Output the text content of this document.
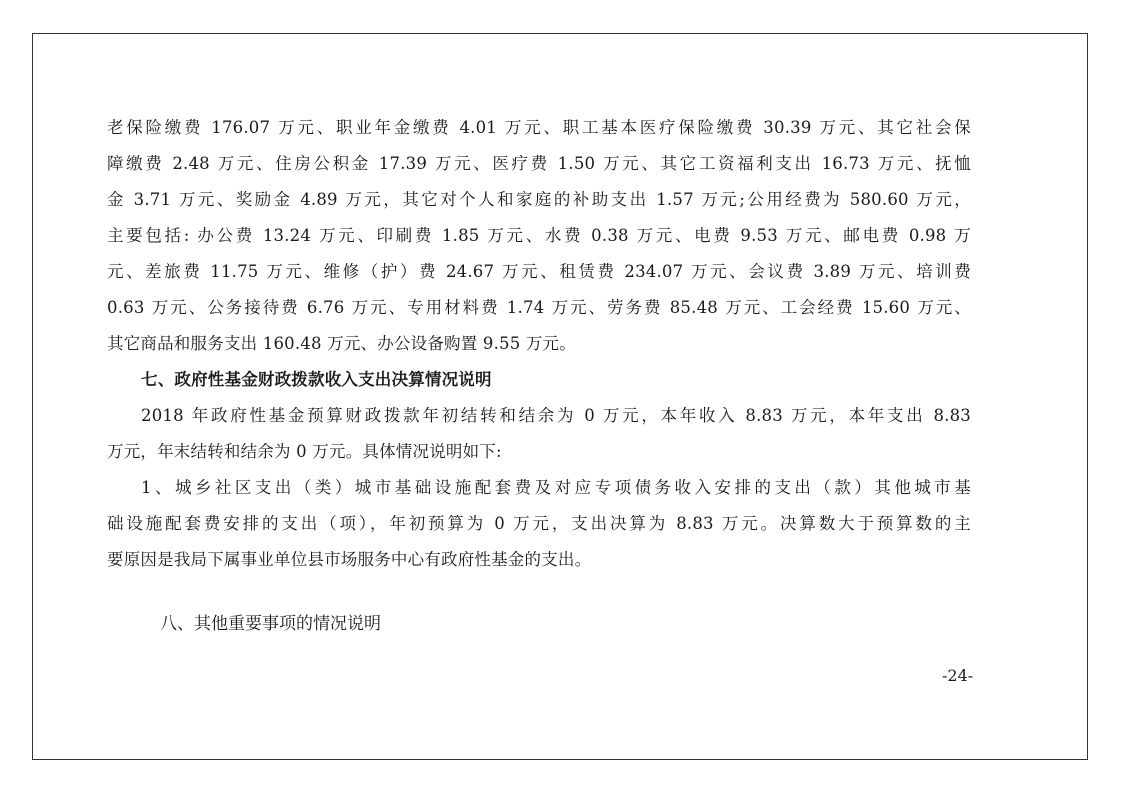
老保险缴费 176.07 万元、职业年金缴费 4.01 万元、职工基本医疗保险缴费 30.39 万元、其它社会保
障缴费 2.48 万元、住房公积金 17.39 万元、医疗费 1.50 万元、其它工资福利支出 16.73 万元、抚恤
金 3.71 万元、奖励金 4.89 万元，其它对个人和家庭的补助支出 1.57 万元;公用经费为 580.60 万元，
主要包括: 办公费 13.24 万元、印刷费 1.85 万元、水费 0.38 万元、电费 9.53 万元、邮电费 0.98 万
元、差旅费 11.75 万元、维修（护）费 24.67 万元、租赁费 234.07 万元、会议费 3.89 万元、培训费
0.63 万元、公务接待费 6.76 万元、专用材料费 1.74 万元、劳务费 85.48 万元、工会经费 15.60 万元、
其它商品和服务支出 160.48 万元、办公设备购置 9.55 万元。
七、政府性基金财政拨款收入支出决算情况说明
2018 年政府性基金预算财政拨款年初结转和结余为 0 万元，本年收入 8.83 万元，本年支出 8.83
万元，年末结转和结余为 0 万元。具体情况说明如下:
1、城乡社区支出（类）城市基础设施配套费及对应专项债务收入安排的支出（款）其他城市基
础设施配套费安排的支出（项），年初预算为 0 万元，支出决算为 8.83 万元。决算数大于预算数的主
要原因是我局下属事业单位县市场服务中心有政府性基金的支出。
八、其他重要事项的情况说明
-24-
